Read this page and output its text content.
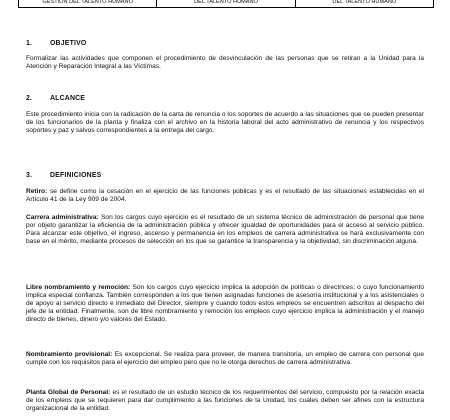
GESTIÓN DEL TALENTO HUMANO	DEL TALENTO HUMANO	DEL TALENTO HUMANO
1.	OBJETIVO
Formalizar las actividades que componen el procedimiento de desvinculación de las personas que se retiran a la Unidad para la Atención y Reparación Integral a las Víctimas.
2.	ALCANCE
Este procedimiento inicia con la radicación de la carta de renuncia o los soportes de acuerdo a las situaciones que se pueden presentar de los funcionarios de la planta y finaliza con el archivo en la historia laboral del acto administrativo de renuncia y los respectivos soportes y paz y salvos correspondientes a la entrega del cargo.
3.	DEFINICIONES
Retiro: se define como la cesación en el ejercicio de las funciones públicas y es el resultado de las situaciones establecidas en el Artículo 41 de la Ley 909 de 2004.
Carrera administrativa: Son los cargos cuyo ejercicio es el resultado de un sistema técnico de administración de personal que tiene por objeto garantizar la eficiencia de la administración pública y ofrecer igualdad de oportunidades para el acceso al servicio público. Para alcanzar este objetivo, el ingreso, ascenso y permanencia en los empleos de carrera administrativa se hará exclusivamente con base en el mérito, mediante procesos de selección en los que se garantice la transparencia y la objetividad, sin discriminación alguna.
Libre nombramiento y remoción: Son los cargos cuyo ejercicio implica la adopción de políticas o directrices; o cuyo funcionamiento implica especial confianza. También corresponden a los que tienen asignadas funciones de asesoría institucional y a los asistenciales o de apoyo al servicio directo e inmediato del Director, siempre y cuando todos estos empleos se encuentren adscritos al despacho del jefe de la entidad. Finalmente, son de libre nombramiento y remoción los empleos cuyo ejercicio implica la administración y el manejo directo de bienes, dinero y/o valores del Estado.
Nombramiento provisional: Es excepcional. Se realiza para proveer, de manera transitoria, un empleo de carrera con personal que cumple con los requisitos para el ejercicio del empleo pero que no le otorga derechos de carrera administrativa.
Planta Global de Personal: es el resultado de un estudio técnico de los requerimientos del servicio, compuesto por la relación exacta de los empleos que se requieren para dar cumplimiento a las funciones de la Unidad, los cuales deben ser afines con la estructura organizacional de la entidad.
